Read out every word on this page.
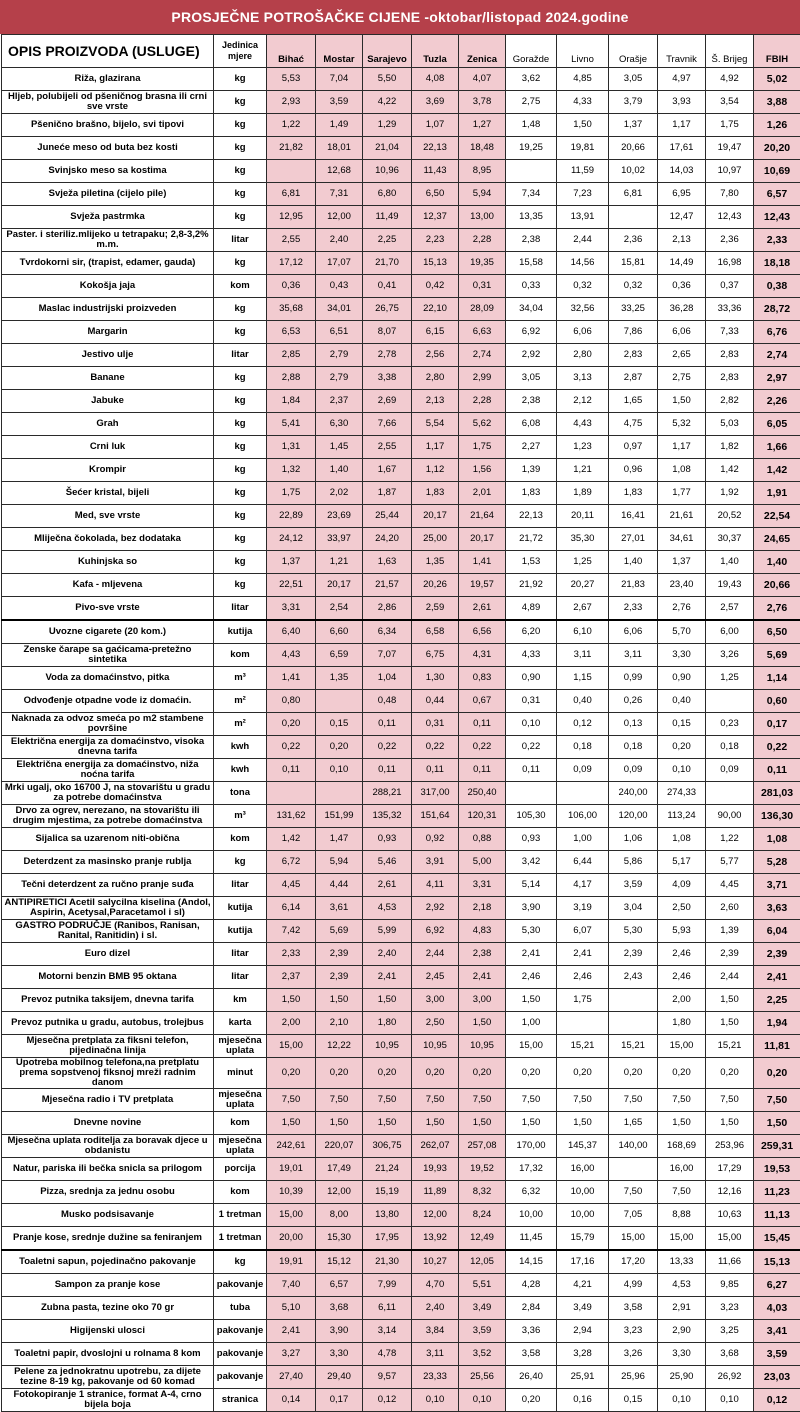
PROSJEČNE POTROŠAČKE CIJENE -oktobar/listopad 2024.godine
OPIS PROIZVODA (USLUGE)	Jedinica mjere	Bihać	Mostar	Sarajevo	Tuzla	Zenica	Goražde	Livno	Orašje	Travnik	Š. Brijeg	FBIH
Riža, glazirana	kg	5,53	7,04	5,50	4,08	4,07	3,62	4,85	3,05	4,97	4,92	5,02
Hljeb, polubijeli od pšeničnog brasna ili crni sve vrste	kg	2,93	3,59	4,22	3,69	3,78	2,75	4,33	3,79	3,93	3,54	3,88
Pšenično brašno, bijelo, svi tipovi	kg	1,22	1,49	1,29	1,07	1,27	1,48	1,50	1,37	1,17	1,75	1,26
Juneće meso od buta bez kosti	kg	21,82	18,01	21,04	22,13	18,48	19,25	19,81	20,66	17,61	19,47	20,20
Svinjsko meso sa kostima	kg		12,68	10,96	11,43	8,95		11,59	10,02	14,03	10,97	10,69
Svježa piletina (cijelo pile)	kg	6,81	7,31	6,80	6,50	5,94	7,34	7,23	6,81	6,95	7,80	6,57
Svježa pastrmka	kg	12,95	12,00	11,49	12,37	13,00	13,35	13,91		12,47	12,43	12,43
Paster. i steriliz.mlijeko u tetrapaku; 2,8-3,2% m.m.	litar	2,55	2,40	2,25	2,23	2,28	2,38	2,44	2,36	2,13	2,36	2,33
Tvrdokorni sir, (trapist, edamer, gauda)	kg	17,12	17,07	21,70	15,13	19,35	15,58	14,56	15,81	14,49	16,98	18,18
Kokošja jaja	kom	0,36	0,43	0,41	0,42	0,31	0,33	0,32	0,32	0,36	0,37	0,38
Maslac industrijski proizveden	kg	35,68	34,01	26,75	22,10	28,09	34,04	32,56	33,25	36,28	33,36	28,72
Margarin	kg	6,53	6,51	8,07	6,15	6,63	6,92	6,06	7,86	6,06	7,33	6,76
Jestivo ulje	litar	2,85	2,79	2,78	2,56	2,74	2,92	2,80	2,83	2,65	2,83	2,74
Banane	kg	2,88	2,79	3,38	2,80	2,99	3,05	3,13	2,87	2,75	2,83	2,97
Jabuke	kg	1,84	2,37	2,69	2,13	2,28	2,38	2,12	1,65	1,50	2,82	2,26
Grah	kg	5,41	6,30	7,66	5,54	5,62	6,08	4,43	4,75	5,32	5,03	6,05
Crni luk	kg	1,31	1,45	2,55	1,17	1,75	2,27	1,23	0,97	1,17	1,82	1,66
Krompir	kg	1,32	1,40	1,67	1,12	1,56	1,39	1,21	0,96	1,08	1,42	1,42
Šećer kristal, bijeli	kg	1,75	2,02	1,87	1,83	2,01	1,83	1,89	1,83	1,77	1,92	1,91
Med, sve vrste	kg	22,89	23,69	25,44	20,17	21,64	22,13	20,11	16,41	21,61	20,52	22,54
Mliječna čokolada, bez dodataka	kg	24,12	33,97	24,20	25,00	20,17	21,72	35,30	27,01	34,61	30,37	24,65
Kuhinjska so	kg	1,37	1,21	1,63	1,35	1,41	1,53	1,25	1,40	1,37	1,40	1,40
Kafa - mljevena	kg	22,51	20,17	21,57	20,26	19,57	21,92	20,27	21,83	23,40	19,43	20,66
Pivo-sve vrste	litar	3,31	2,54	2,86	2,59	2,61	4,89	2,67	2,33	2,76	2,57	2,76
Uvozne cigarete (20 kom.)	kutija	6,40	6,60	6,34	6,58	6,56	6,20	6,10	6,06	5,70	6,00	6,50
Zenske čarape sa gaćicama-pretežno sintetika	kom	4,43	6,59	7,07	6,75	4,31	4,33	3,11	3,11	3,30	3,26	5,69
Voda za domaćinstvo, pitka	m³	1,41	1,35	1,04	1,30	0,83	0,90	1,15	0,99	0,90	1,25	1,14
Odvođenje otpadne vode iz domaćin.	m²	0,80		0,48	0,44	0,67	0,31	0,40	0,26	0,40		0,60
Naknada za odvoz smeća po m2 stambene površine	m²	0,20	0,15	0,11	0,31	0,11	0,10	0,12	0,13	0,15	0,23	0,17
Električna energija za domaćinstvo, visoka dnevna tarifa	kwh	0,22	0,20	0,22	0,22	0,22	0,22	0,18	0,18	0,20	0,18	0,22
Električna energija za domaćinstvo, niža noćna tarifa	kwh	0,11	0,10	0,11	0,11	0,11	0,11	0,09	0,09	0,10	0,09	0,11
Mrki ugalj, oko 16700 J, na stovarištu u gradu za potrebe domaćinstva	tona			288,21	317,00	250,40			240,00	274,33		281,03
Drvo za ogrev, nerezano, na stovarištu ili drugim mjestima, za potrebe domaćinstva	m³	131,62	151,99	135,32	151,64	120,31	105,30	106,00	120,00	113,24	90,00	136,30
Sijalica sa uzarenom niti-obična	kom	1,42	1,47	0,93	0,92	0,88	0,93	1,00	1,06	1,08	1,22	1,08
Deterdzent za masinsko pranje rublja	kg	6,72	5,94	5,46	3,91	5,00	3,42	6,44	5,86	5,17	5,77	5,28
Tečni deterdzent za ručno pranje suđa	litar	4,45	4,44	2,61	4,11	3,31	5,14	4,17	3,59	4,09	4,45	3,71
ANTIPIRETICI Acetil salycilna kiselina (Andol, Aspirin, Acetysal,Paracetamol i sl)	kutija	6,14	3,61	4,53	2,92	2,18	3,90	3,19	3,04	2,50	2,60	3,63
GASTRO PODRUČJE (Ranibos, Ranisan, Ranital, Ranitidin) i sl.	kutija	7,42	5,69	5,99	6,92	4,83	5,30	6,07	5,30	5,93	1,39	6,04
Euro dizel	litar	2,33	2,39	2,40	2,44	2,38	2,41	2,41	2,39	2,46	2,39	2,39
Motorni benzin BMB 95 oktana	litar	2,37	2,39	2,41	2,45	2,41	2,46	2,46	2,43	2,46	2,44	2,41
Prevoz putnika taksijem, dnevna tarifa	km	1,50	1,50	1,50	3,00	3,00	1,50	1,75		2,00	1,50	2,25
Prevoz putnika u gradu, autobus, trolejbus	karta	2,00	2,10	1,80	2,50	1,50	1,00			1,80	1,50	1,94
Mjesečna pretplata za fiksni telefon, pijedinačna linija	mjesečna uplata	15,00	12,22	10,95	10,95	10,95	15,00	15,21	15,21	15,00	15,21	11,81
Upotreba mobilnog telefona,na pretplatu prema sopstvenoj fiksnoj mreži radnim danom	minut	0,20	0,20	0,20	0,20	0,20	0,20	0,20	0,20	0,20	0,20	0,20
Mjesečna radio i TV pretplata	mjesečna uplata	7,50	7,50	7,50	7,50	7,50	7,50	7,50	7,50	7,50	7,50	7,50
Dnevne novine	kom	1,50	1,50	1,50	1,50	1,50	1,50	1,50	1,65	1,50	1,50	1,50
Mjesečna uplata roditelja za boravak djece u obdanistu	mjesečna uplata	242,61	220,07	306,75	262,07	257,08	170,00	145,37	140,00	168,69	253,96	259,31
Natur, pariska ili bečka snicla sa prilogom	porcija	19,01	17,49	21,24	19,93	19,52	17,32	16,00		16,00	17,29	19,53
Pizza, srednja za jednu osobu	kom	10,39	12,00	15,19	11,89	8,32	6,32	10,00	7,50	7,50	12,16	11,23
Musko podsisavanje	1 tretman	15,00	8,00	13,80	12,00	8,24	10,00	10,00	7,05	8,88	10,63	11,13
Pranje kose, srednje dužine sa feniranjem	1 tretman	20,00	15,30	17,95	13,92	12,49	11,45	15,79	15,00	15,00	15,00	15,45
Toaletni sapun, pojedinačno pakovanje	kg	19,91	15,12	21,30	10,27	12,05	14,15	17,16	17,20	13,33	11,66	15,13
Sampon za pranje kose	pakovanje	7,40	6,57	7,99	4,70	5,51	4,28	4,21	4,99	4,53	9,85	6,27
Zubna pasta, tezine oko 70 gr	tuba	5,10	3,68	6,11	2,40	3,49	2,84	3,49	3,58	2,91	3,23	4,03
Higijenski ulosci	pakovanje	2,41	3,90	3,14	3,84	3,59	3,36	2,94	3,23	2,90	3,25	3,41
Toaletni papir, dvoslojni u rolnama 8 kom	pakovanje	3,27	3,30	4,78	3,11	3,52	3,58	3,28	3,26	3,30	3,68	3,59
Pelene za jednokratnu upotrebu, za dijete tezine 8-19 kg, pakovanje od 60 komad	pakovanje	27,40	29,40	9,57	23,33	25,56	26,40	25,91	25,96	25,90	26,92	23,03
Fotokopiranje 1 stranice, format A-4, crno bijela boja	stranica	0,14	0,17	0,12	0,10	0,10	0,20	0,16	0,15	0,10	0,10	0,12
